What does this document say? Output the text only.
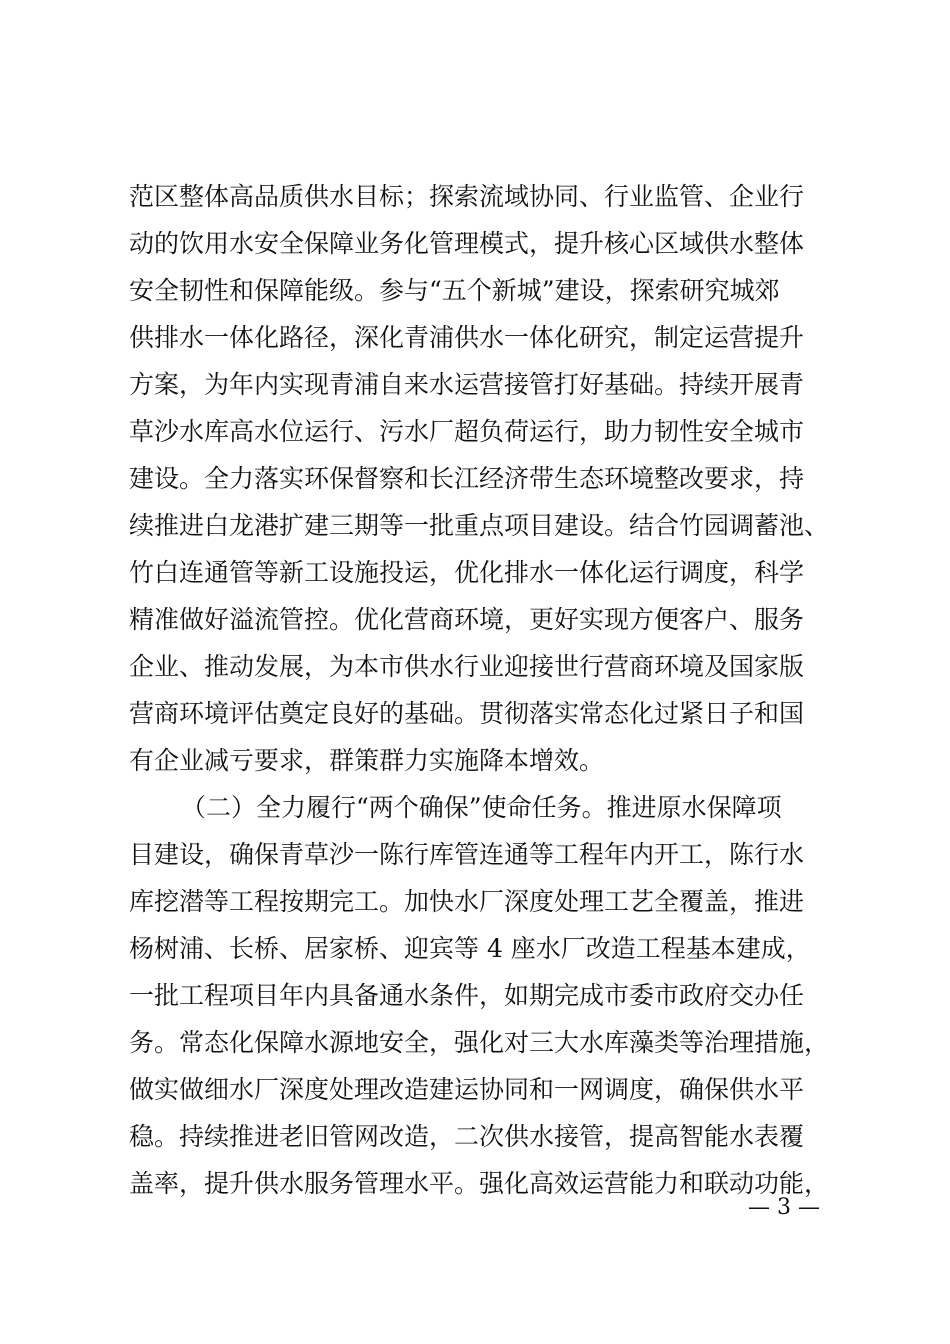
范区整体高品质供水目标；探索流域协同、行业监管、企业行
动的饮用水安全保障业务化管理模式，提升核心区域供水整体
安全韧性和保障能级。参与“五个新城”建设，探索研究城郊
供排水一体化路径，深化青浦供水一体化研究，制定运营提升
方案，为年内实现青浦自来水运营接管打好基础。持续开展青
草沙水库高水位运行、污水厂超负荷运行，助力韧性安全城市
建设。全力落实环保督察和长江经济带生态环境整改要求，持
续推进白龙港扩建三期等一批重点项目建设。结合竹园调蓄池、
竹白连通管等新工设施投运，优化排水一体化运行调度，科学
精准做好溢流管控。优化营商环境，更好实现方便客户、服务
企业、推动发展，为本市供水行业迎接世行营商环境及国家版
营商环境评估奠定良好的基础。贯彻落实常态化过紧日子和国
有企业减亏要求，群策群力实施降本增效。
（二）全力履行“两个确保”使命任务。推进原水保障项
目建设，确保青草沙一陈行库管连通等工程年内开工，陈行水
库挖潜等工程按期完工。加快水厂深度处理工艺全覆盖，推进
杨树浦、长桥、居家桥、迎宾等 4 座水厂改造工程基本建成，
一批工程项目年内具备通水条件，如期完成市委市政府交办任
务。常态化保障水源地安全，强化对三大水库藻类等治理措施，
做实做细水厂深度处理改造建运协同和一网调度，确保供水平
稳。持续推进老旧管网改造，二次供水接管，提高智能水表覆
盖率，提升供水服务管理水平。强化高效运营能力和联动功能，
— 3 —
